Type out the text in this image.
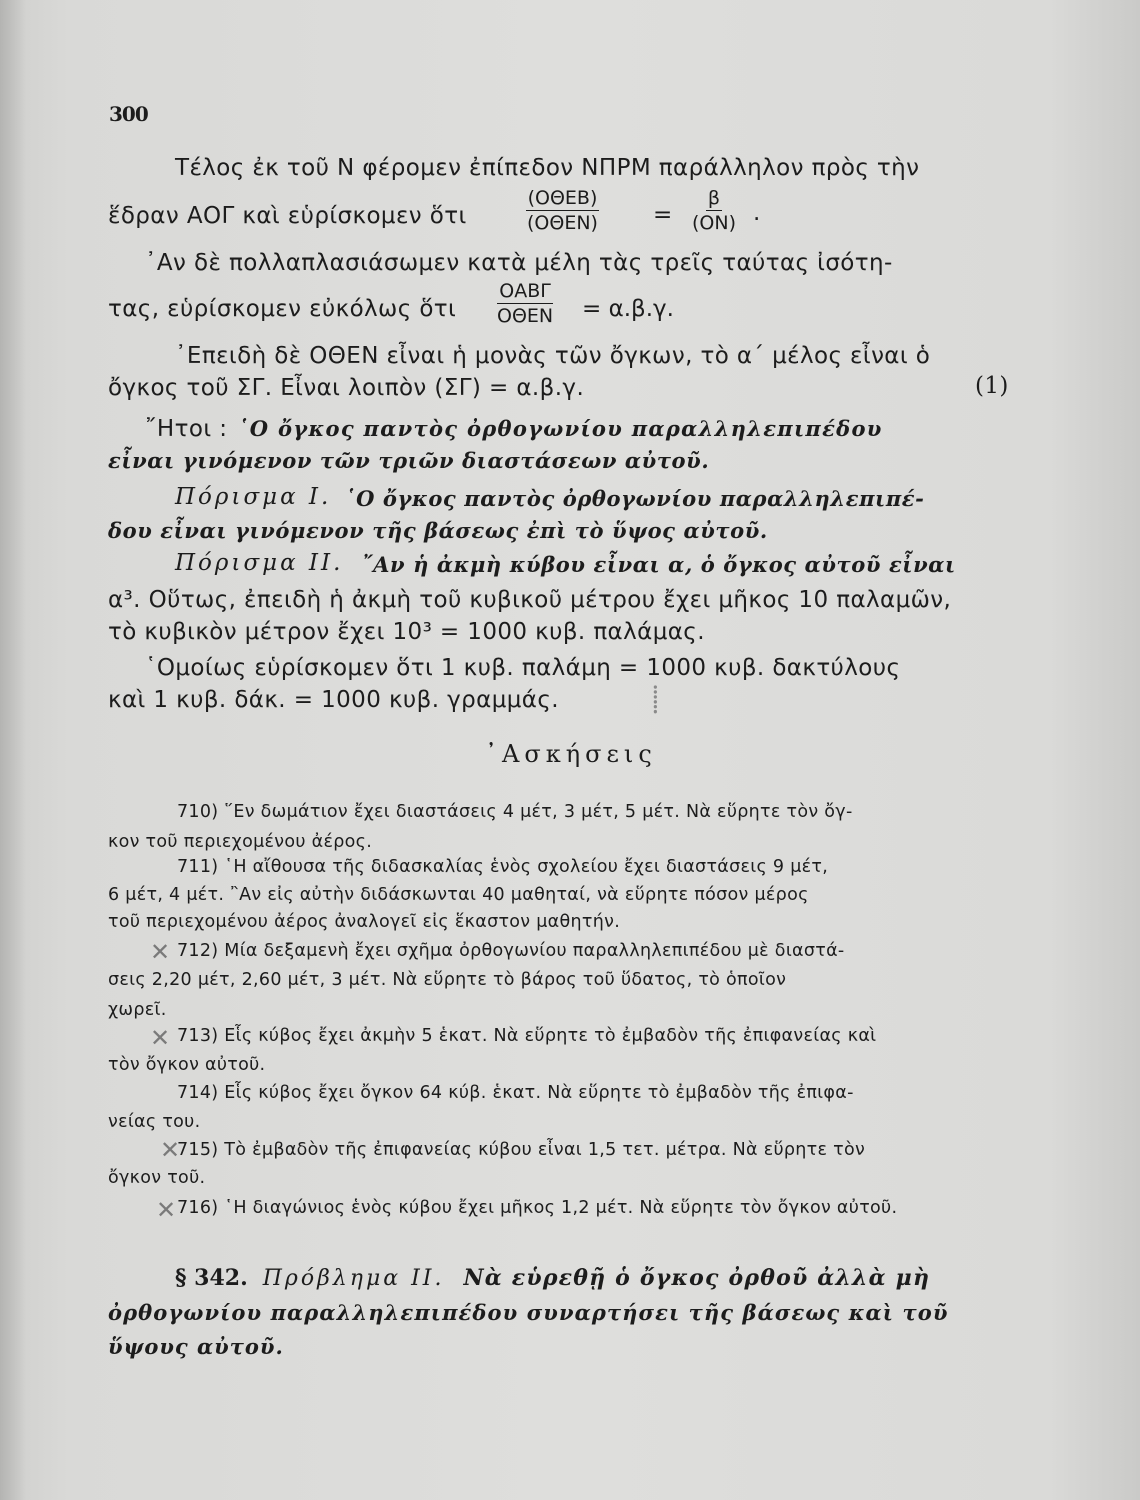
300
Τέλος ἐκ τοῦ Ν φέρομεν ἐπίπεδον ΝΠΡΜ παράλληλον πρὸς τὴν
ἕδραν ΑΟΓ καὶ εὑρίσκομεν ὅτι
(ΟΘΕΒ)
$(O\Theta EN) = \frac{\beta}{(ON)}$ .
᾿Αν δὲ πολλαπλασιάσωμεν κατὰ μέλη τὰς τρεῖς ταύτας ἰσότη-
τας, εὑρίσκομεν εὐκόλως ὅτι
ΟΑΒΓ
ΟΘΕΝ = α.β.γ.
᾿Επειδὴ δὲ ΟΘΕΝ εἶναι ἡ μονὰς τῶν ὄγκων, τὸ α΄ μέλος εἶναι ὁ
ὄγκος τοῦ ΣΓ. Εἶναι λοιπὸν (ΣΓ) = α.β.γ.	(1)
῎Ητοι : ῾Ο ὄγκος παντὸς ὀρθογωνίου παραλληλεπιπέδου
εἶναι γινόμενον τῶν τριῶν διαστάσεων αὐτοῦ.
Πόρισμα Ι. ῾Ο ὄγκος παντὸς ὀρθογωνίου παραλληλεπιπέ-
δου εἶναι γινόμενον τῆς βάσεως ἐπὶ τὸ ὕψος αὐτοῦ.
Πόρισμα ΙΙ. ῎Αν ἡ ἀκμὴ κύβου εἶναι α, ὁ ὄγκος αὐτοῦ εἶναι
α³. Οὕτως, ἐπειδὴ ἡ ἀκμὴ τοῦ κυβικοῦ μέτρου ἔχει μῆκος 10 παλαμῶν,
τὸ κυβικὸν μέτρον ἔχει 10³ = 1000 κυβ. παλάμας.
῾Ομοίως εὑρίσκομεν ὅτι 1 κυβ. παλάμη = 1000 κυβ. δακτύλους
καὶ 1 κυβ. δάκ. = 1000 κυβ. γραμμάς.	⸽
᾿Ασκήσεις
710) ῞Εν δωμάτιον ἔχει διαστάσεις 4 μέτ, 3 μέτ, 5 μέτ. Νὰ εὕρητε τὸν ὄγ-
κον τοῦ περιεχομένου ἀέρος.
711) ῾Η αἴθουσα τῆς διδασκαλίας ἑνὸς σχολείου ἔχει διαστάσεις 9 μέτ,
6 μέτ, 4 μέτ. ῍Αν εἰς αὐτὴν διδάσκωνται 40 μαθηταί, νὰ εὕρητε πόσον μέρος
τοῦ περιεχομένου ἀέρος ἀναλογεῖ εἰς ἕκαστον μαθητήν.
✕ 712) Μία δεξαμενὴ ἔχει σχῆμα ὀρθογωνίου παραλληλεπιπέδου μὲ διαστά-
σεις 2,20 μέτ, 2,60 μέτ, 3 μέτ. Νὰ εὕρητε τὸ βάρος τοῦ ὕδατος, τὸ ὁποῖον
χωρεῖ.
✕ 713) Εἷς κύβος ἔχει ἀκμὴν 5 ἑκατ. Νὰ εὕρητε τὸ ἐμβαδὸν τῆς ἐπιφανείας καὶ
τὸν ὄγκον αὐτοῦ.
714) Εἷς κύβος ἔχει ὄγκον 64 κύβ. ἑκατ. Νὰ εὕρητε τὸ ἐμβαδὸν τῆς ἐπιφα-
νείας του.
✕
715) Τὸ ἐμβαδὸν τῆς ἐπιφανείας κύβου εἶναι 1,5 τετ. μέτρα. Νὰ εὕρητε τὸν
ὄγκον τοῦ.
✕ 716) ῾Η διαγώνιος ἑνὸς κύβου ἔχει μῆκος 1,2 μέτ. Νὰ εὕρητε τὸν ὄγκον αὐτοῦ.
§ 342. Πρόβλημα ΙΙ. Νὰ εὑρεθῇ ὁ ὄγκος ὀρθοῦ ἀλλὰ μὴ
ὀρθογωνίου παραλληλεπιπέδου συναρτήσει τῆς βάσεως καὶ τοῦ
ὕψους αὐτοῦ.
